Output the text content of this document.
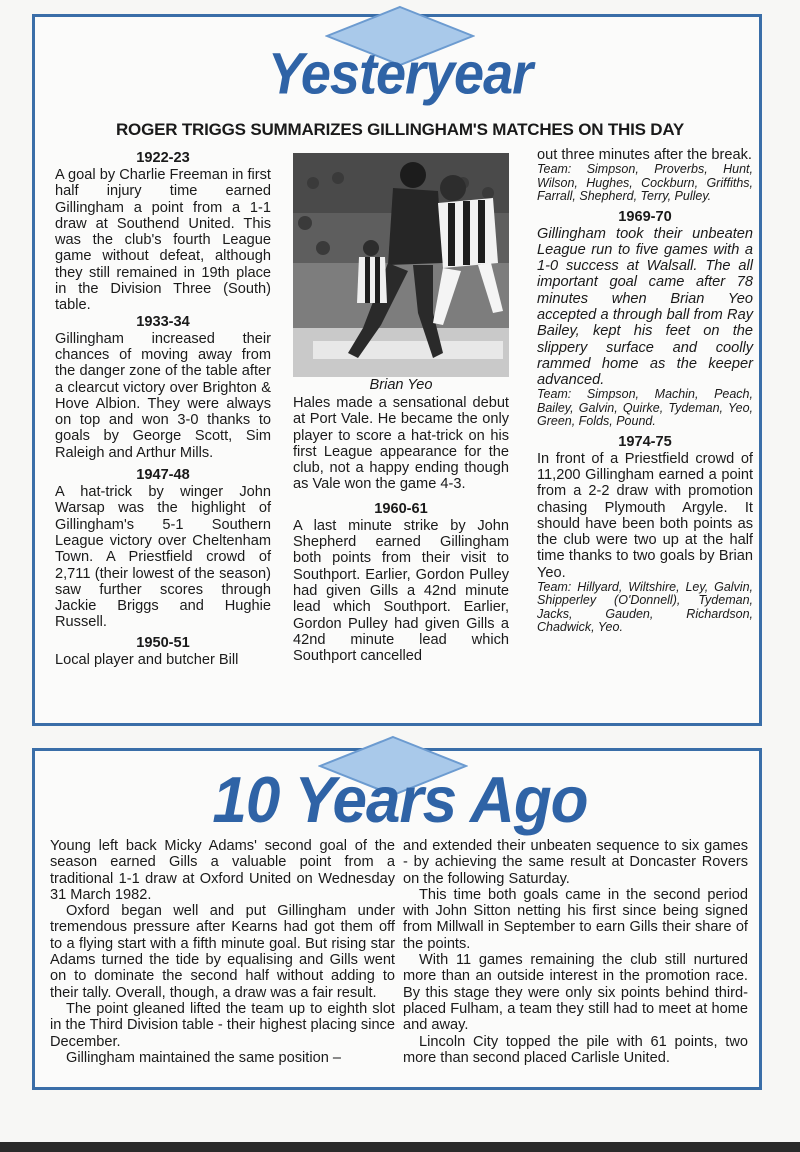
Yesteryear
ROGER TRIGGS SUMMARIZES GILLINGHAM'S MATCHES ON THIS DAY

1922-23

A goal by Charlie Freeman in first half injury time earned Gillingham a point from a 1-1 draw at Southend United. This was the club's fourth League game without defeat, although they still remained in 19th place in the Division Three (South) table.

1933-34

Gillingham increased their chances of moving away from the danger zone of the table after a clearcut victory over Brighton & Hove Albion. They were always on top and won 3-0 thanks to goals by George Scott, Sim Raleigh and Arthur Mills.

1947-48

A hat-trick by winger John Warsap was the highlight of Gillingham's 5-1 Southern League victory over Cheltenham Town. A Priestfield crowd of 2,711 (their lowest of the season) saw further scores through Jackie Briggs and Hughie Russell.

1950-51

Local player and butcher Bill

Brian Yeo

Hales made a sensational debut at Port Vale. He became the only player to score a hat-trick on his first League appearance for the club, not a happy ending though as Vale won the game 4-3.

1960-61

A last minute strike by John Shepherd earned Gillingham both points from their visit to Southport. Earlier, Gordon Pulley had given Gills a 42nd minute lead which Southport. Earlier, Gordon Pulley had given Gills a 42nd minute lead which Southport cancelled

out three minutes after the break.

Team: Simpson, Proverbs, Hunt, Wilson, Hughes, Cockburn, Griffiths, Farrall, Shepherd, Terry, Pulley.

1969-70

Gillingham took their unbeaten League run to five games with a 1-0 success at Walsall. The all important goal came after 78 minutes when Brian Yeo accepted a through ball from Ray Bailey, kept his feet on the slippery surface and coolly rammed home as the keeper advanced.

Team: Simpson, Machin, Peach, Bailey, Galvin, Quirke, Tydeman, Yeo, Green, Folds, Pound.

1974-75

In front of a Priestfield crowd of 11,200 Gillingham earned a point from a 2-2 draw with promotion chasing Plymouth Argyle. It should have been both points as the club were two up at the half time thanks to two goals by Brian Yeo.

Team: Hillyard, Wiltshire, Ley, Galvin, Shipperley (O'Donnell), Tydeman, Jacks, Gauden, Richardson, Chadwick, Yeo.

10 Years Ago

Young left back Micky Adams' second goal of the season earned Gills a valuable point from a traditional 1-1 draw at Oxford United on Wednesday 31 March 1982.

Oxford began well and put Gillingham under tremendous pressure after Kearns had got them off to a flying start with a fifth minute goal. But rising star Adams turned the tide by equalising and Gills went on to dominate the second half without adding to their tally. Overall, though, a draw was a fair result.

The point gleaned lifted the team up to eighth slot in the Third Division table - their highest placing since December.

Gillingham maintained the same position –

and extended their unbeaten sequence to six games - by achieving the same result at Doncaster Rovers on the following Saturday.

This time both goals came in the second period with John Sitton netting his first since being signed from Millwall in September to earn Gills their share of the points.

With 11 games remaining the club still nurtured more than an outside interest in the promotion race. By this stage they were only six points behind third-placed Fulham, a team they still had to meet at home and away.

Lincoln City topped the pile with 61 points, two more than second placed Carlisle United.
